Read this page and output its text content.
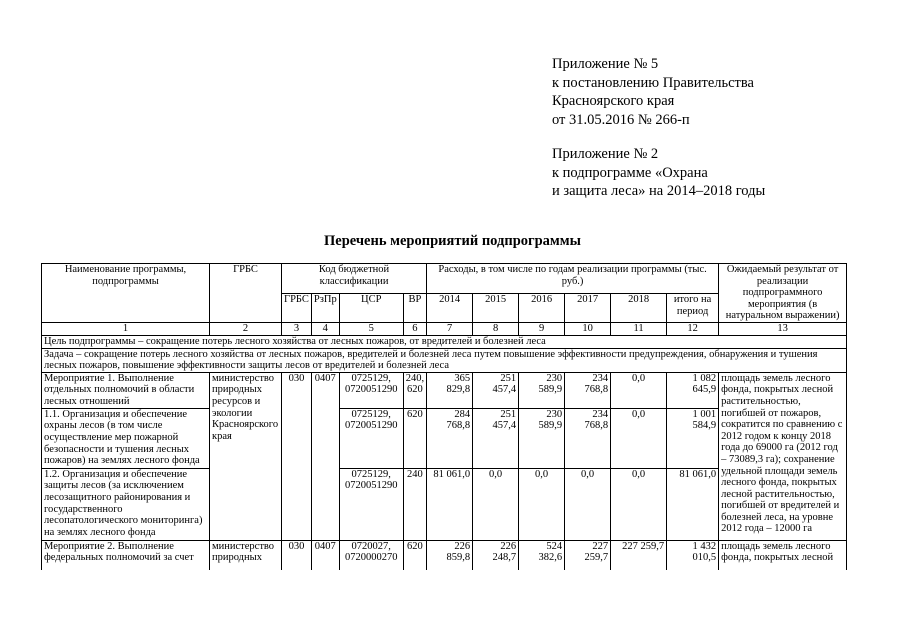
Приложение № 5
к постановлению Правительства
Красноярского края
от 31.05.2016 № 266-п
Приложение № 2
к подпрограмме «Охрана
и защита леса» на 2014–2018 годы
Перечень мероприятий подпрограммы
Наименование программы, подпрограммы	ГРБС	Код бюджетной классификации				Расходы, в том числе по годам реализации программы (тыс. руб.)						Ожидаемый результат от реализации подпрограммного мероприятия (в натуральном выражении)
		ГРБС	РзПр	ЦСР	ВР	2014	2015	2016	2017	2018	итого на период	
1	2	3	4	5	6	7	8	9	10	11	12	13
Цель подпрограммы – сокращение потерь лесного хозяйства от лесных пожаров, от вредителей и болезней леса												
Задача – сокращение потерь лесного хозяйства от лесных пожаров, вредителей и болезней леса путем повышение эффективности предупреждения, обнаружения и тушения лесных пожаров, повышение эффективности защиты лесов от вредителей и болезней леса												
Мероприятие 1. Выполнение отдельных полномочий в области лесных отношений	министерство природных ресурсов и экологии Красноярского края	030	0407	0725129, 0720051290	240, 620	365 829,8	251 457,4	230 589,9	234 768,8	0,0	1 082 645,9	площадь земель лесного фонда, покрытых лесной растительностью, погибшей от пожаров, сократится по сравнению с 2012 годом к концу 2018 года до 69000 га (2012 год – 73089,3 га); сохранение удельной площади земель лесного фонда, покрытых лесной растительностью, погибшей от вредителей и болезней леса, на уровне 2012 года – 12000 га
1.1. Организация и обеспечение охраны лесов (в том числе осуществление мер пожарной безопасности и тушения лесных пожаров) на землях лесного фонда				0725129, 0720051290	620	284 768,8	251 457,4	230 589,9	234 768,8	0,0	1 001 584,9	
1.2. Организация и обеспечение защиты лесов (за исключением лесозащитного районирования и государственного лесопатологического мониторинга) на землях лесного фонда				0725129, 0720051290	240	81 061,0	0,0	0,0	0,0	0,0	81 061,0	
Мероприятие 2. Выполнение федеральных полномочий за счет	министерство природных	030	0407	0720027, 0720000270	620	226 859,8	226 248,7	524 382,6	227 259,7	227 259,7	1 432 010,5	площадь земель лесного фонда, покрытых лесной
